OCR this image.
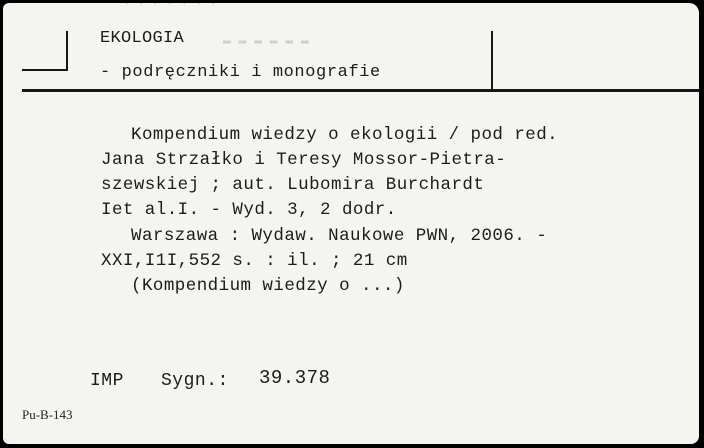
· · · · · · ·
EKOLOGIA	▬ ▬ ▬ ▬ ▬ ▬
- podręczniki i monografie
Kompendium wiedzy o ekologii / pod red.
Jana Strzałko i Teresy Mossor-Pietra-
szewskiej ; aut. Lubomira Burchardt
Iet al.I. - Wyd. 3, 2 dodr.
Warszawa : Wydaw. Naukowe PWN, 2006. -
XXI,I1I,552 s. : il. ; 21 cm
(Kompendium wiedzy o ...)
IMP Sygn.: 39.378
Pu-B-143
